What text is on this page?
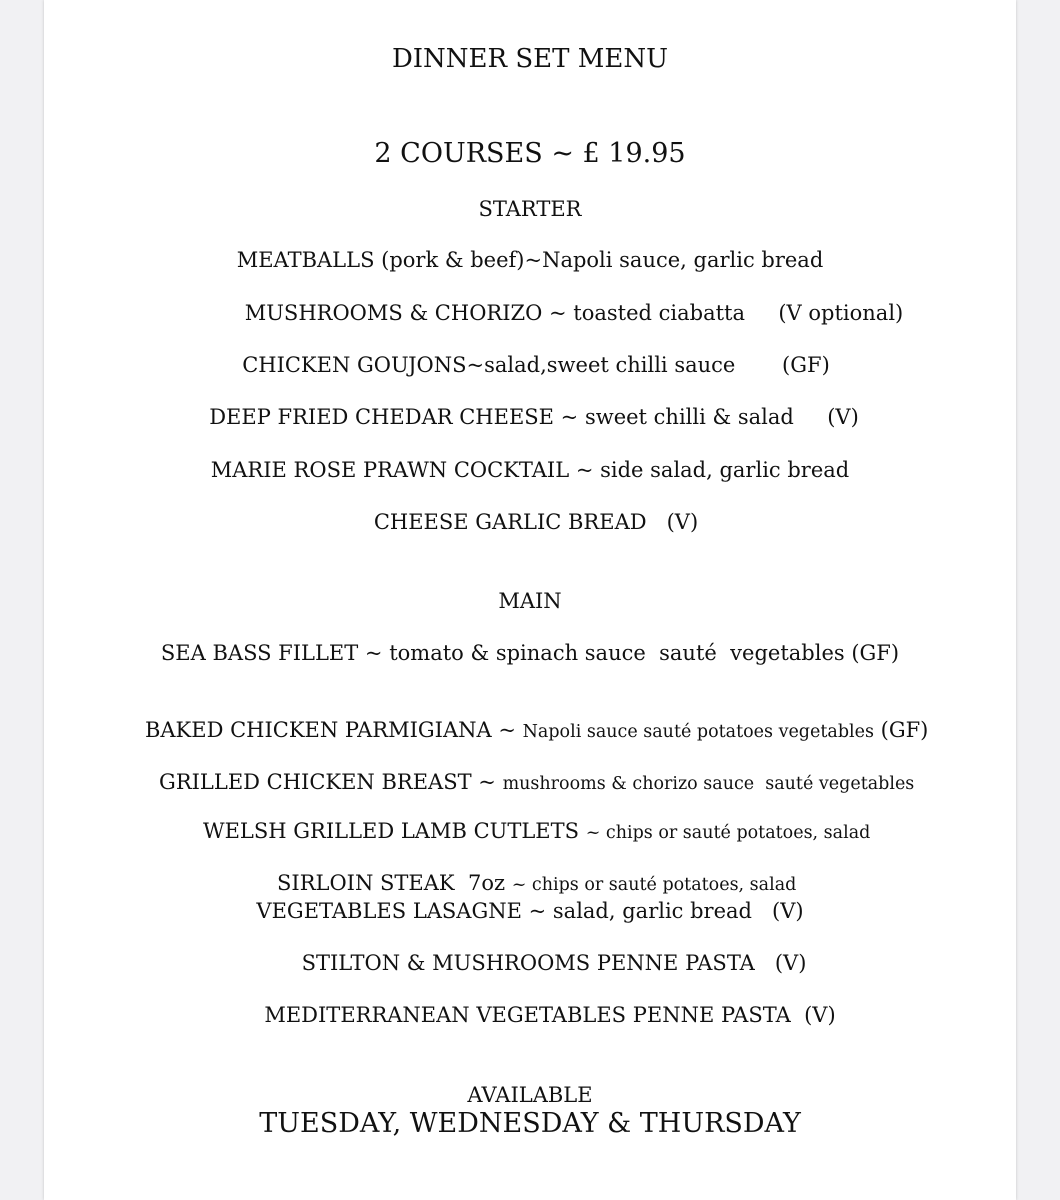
DINNER SET MENU
2 COURSES ~ £ 19.95
STARTER
MEATBALLS (pork & beef)~Napoli sauce, garlic bread
MUSHROOMS & CHORIZO ~ toasted ciabatta     (V optional)
CHICKEN GOUJONS~salad,sweet chilli sauce       (GF)
DEEP FRIED CHEDAR CHEESE ~ sweet chilli & salad     (V)
MARIE ROSE PRAWN COCKTAIL ~ side salad, garlic bread
CHEESE GARLIC BREAD   (V)
MAIN
SEA BASS FILLET ~ tomato & spinach sauce  sauté  vegetables (GF)

BAKED CHICKEN PARMIGIANA ~ Napoli sauce sauté potatoes vegetables (GF)

GRILLED CHICKEN BREAST ~ mushrooms & chorizo sauce  sauté vegetables

WELSH GRILLED LAMB CUTLETS ~ chips or sauté potatoes, salad

SIRLOIN STEAK  7oz ~ chips or sauté potatoes, salad

VEGETABLES LASAGNE ~ salad, garlic bread   (V)
STILTON & MUSHROOMS PENNE PASTA   (V)
MEDITERRANEAN VEGETABLES PENNE PASTA  (V)
AVAILABLE
TUESDAY, WEDNESDAY & THURSDAY
